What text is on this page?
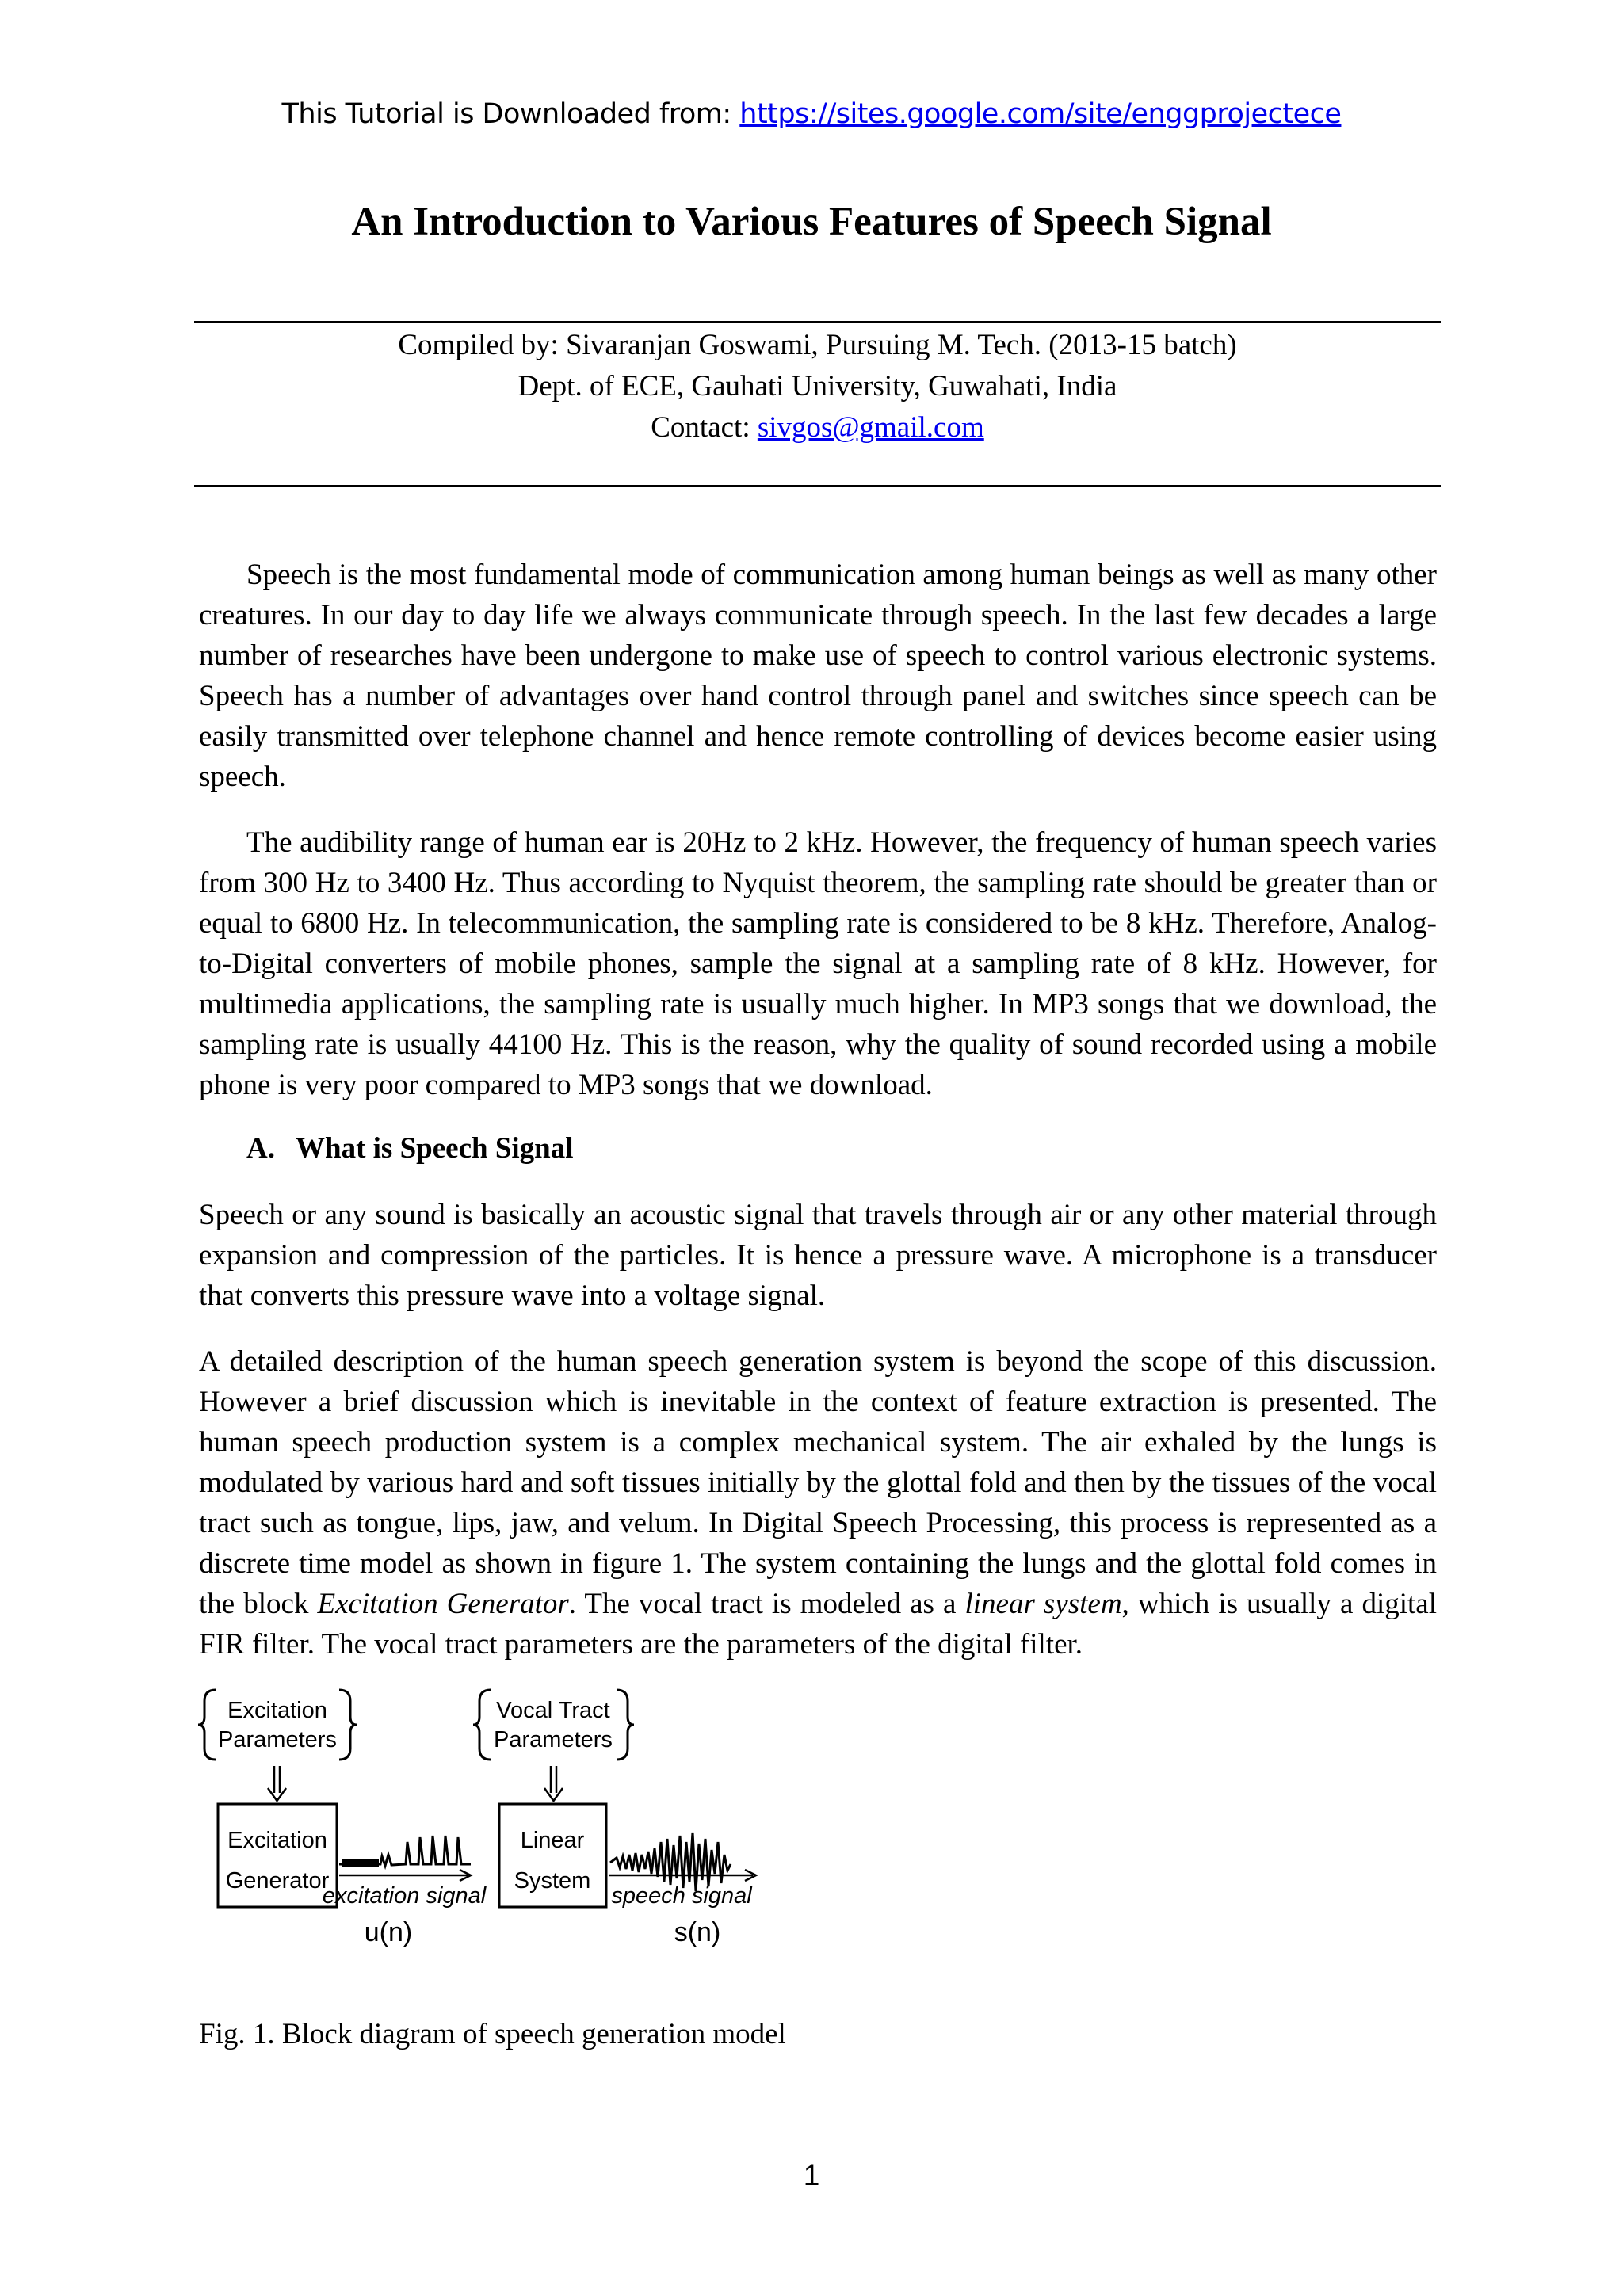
This Tutorial is Downloaded from: https://sites.google.com/site/enggprojectece
An Introduction to Various Features of Speech Signal
Compiled by: Sivaranjan Goswami, Pursuing M. Tech. (2013-15 batch)
Dept. of ECE, Gauhati University, Guwahati, India
Contact: sivgos@gmail.com

Speech is the most fundamental mode of communication among human beings as well as many other creatures. In our day to day life we always communicate through speech. In the last few decades a large number of researches have been undergone to make use of speech to control various electronic systems. Speech has a number of advantages over hand control through panel and switches since speech can be easily transmitted over telephone channel and hence remote controlling of devices become easier using speech.

The audibility range of human ear is 20Hz to 2 kHz. However, the frequency of human speech varies from 300 Hz to 3400 Hz. Thus according to Nyquist theorem, the sampling rate should be greater than or equal to 6800 Hz. In telecommunication, the sampling rate is considered to be 8 kHz. Therefore, Analog-to-Digital converters of mobile phones, sample the signal at a sampling rate of 8 kHz. However, for multimedia applications, the sampling rate is usually much higher. In MP3 songs that we download, the sampling rate is usually 44100 Hz. This is the reason, why the quality of sound recorded using a mobile phone is very poor compared to MP3 songs that we download.

A. What is Speech Signal

Speech or any sound is basically an acoustic signal that travels through air or any other material through expansion and compression of the particles. It is hence a pressure wave. A microphone is a transducer that converts this pressure wave into a voltage signal.

A detailed description of the human speech generation system is beyond the scope of this discussion. However a brief discussion which is inevitable in the context of feature extraction is presented. The human speech production system is a complex mechanical system. The air exhaled by the lungs is modulated by various hard and soft tissues initially by the glottal fold and then by the tissues of the vocal tract such as tongue, lips, jaw, and velum. In Digital Speech Processing, this process is represented as a discrete time model as shown in figure 1. The system containing the lungs and the glottal fold comes in the block Excitation Generator. The vocal tract is modeled as a linear system, which is usually a digital FIR filter. The vocal tract parameters are the parameters of the digital filter.

Excitation
Parameters
Vocal Tract
Parameters
Excitation
Generator
excitation signal
u(n)
Linear
System
speech signal
s(n)
Fig. 1. Block diagram of speech generation model
1
